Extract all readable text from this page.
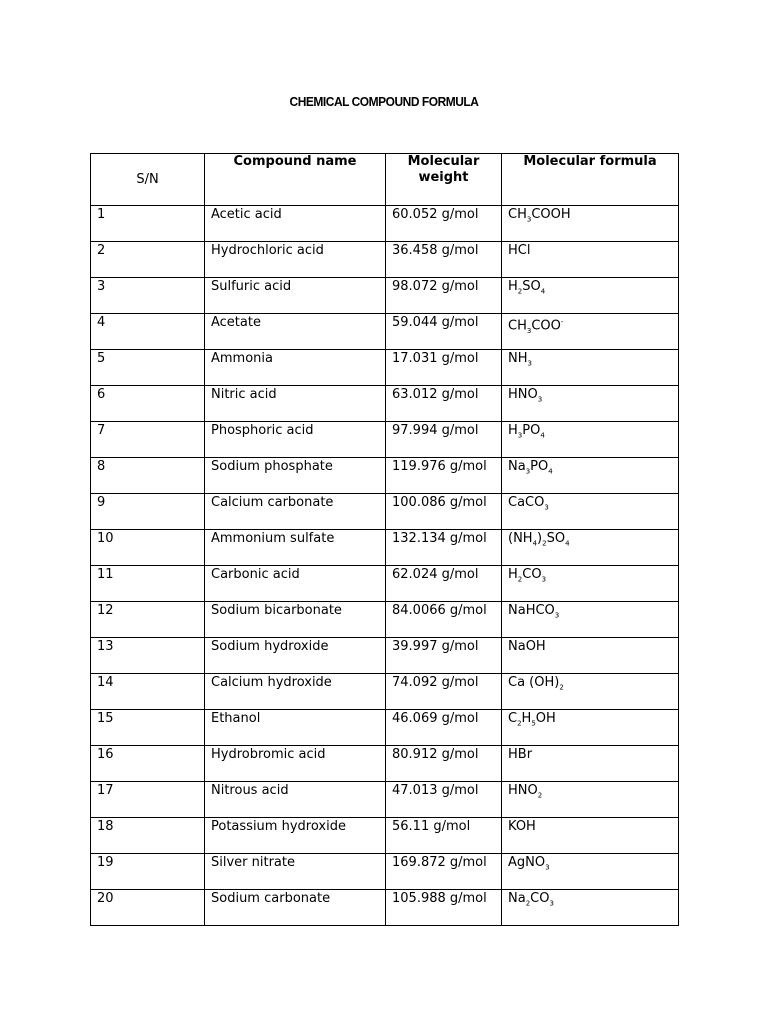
CHEMICAL COMPOUND FORMULA
S/N	Compound name	Molecular weight	Molecular formula
1	Acetic acid	60.052 g/mol	$CH_3COOH$
2	Hydrochloric acid	36.458 g/mol	HCl
3	Sulfuric acid	98.072 g/mol	$H_2SO_4$
4	Acetate	59.044 g/mol	$CH_3COO^-$
5	Ammonia	17.031 g/mol	$NH_3$
6	Nitric acid	63.012 g/mol	$HNO_3$
7	Phosphoric acid	97.994 g/mol	$H_3PO_4$
8	Sodium phosphate	119.976 g/mol	$Na_3PO_4$
9	Calcium carbonate	100.086 g/mol	CaCO$_3$
10	Ammonium sulfate	132.134 g/mol	$(NH_4)_2SO_4$
11	Carbonic acid	62.024 g/mol	$H_2CO_3$
12	Sodium bicarbonate	84.0066 g/mol	NaHCO$_3$
13	Sodium hydroxide	39.997 g/mol	NaOH
14	Calcium hydroxide	74.092 g/mol	Ca $(OH)_2$
15	Ethanol	46.069 g/mol	$C_2H_5OH$
16	Hydrobromic acid	80.912 g/mol	HBr
17	Nitrous acid	47.013 g/mol	$HNO_2$
18	Potassium hydroxide	56.11 g/mol	KOH
19	Silver nitrate	169.872 g/mol	AgNO$_3$
20	Sodium carbonate	105.988 g/mol	$Na_2CO_3$
